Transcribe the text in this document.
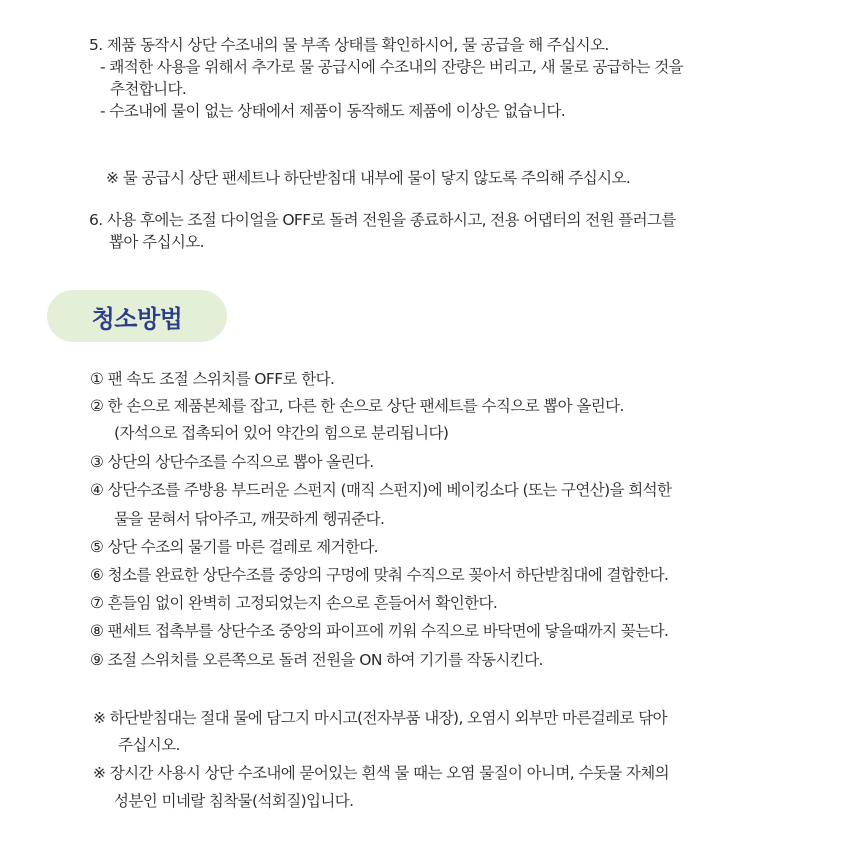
5. 제품 동작시 상단 수조내의 물 부족 상태를 확인하시어, 물 공급을 해 주십시오.
- 쾌적한 사용을 위해서 추가로 물 공급시에 수조내의 잔량은 버리고, 새 물로 공급하는 것을
추천합니다.
- 수조내에 물이 없는 상태에서 제품이 동작해도 제품에 이상은 없습니다.
※ 물 공급시 상단 팬세트나 하단받침대 내부에 물이 닿지 않도록 주의해 주십시오.
6. 사용 후에는 조절 다이얼을 OFF로 돌려 전원을 종료하시고, 전용 어댑터의 전원 플러그를
뽑아 주십시오.
청소방법
① 팬 속도 조절 스위치를 OFF로 한다.
② 한 손으로 제품본체를 잡고, 다른 한 손으로 상단 팬세트를 수직으로 뽑아 올린다.
(자석으로 접촉되어 있어 약간의 힘으로 분리됩니다)
③ 상단의 상단수조를 수직으로 뽑아 올린다.
④ 상단수조를 주방용 부드러운 스펀지 (매직 스펀지)에 베이킹소다 (또는 구연산)을 희석한
물을 묻혀서 닦아주고, 깨끗하게 헹궈준다.
⑤ 상단 수조의 물기를 마른 걸레로 제거한다.
⑥ 청소를 완료한 상단수조를 중앙의 구멍에 맞춰 수직으로 꽂아서 하단받침대에 결합한다.
⑦ 흔들임 없이 완벽히 고정되었는지 손으로 흔들어서 확인한다.
⑧ 팬세트 접촉부를 상단수조 중앙의 파이프에 끼워 수직으로 바닥면에 닿을때까지 꽂는다.
⑨ 조절 스위치를 오른쪽으로 돌려 전원을 ON 하여 기기를 작동시킨다.
※ 하단받침대는 절대 물에 담그지 마시고(전자부품 내장), 오염시 외부만 마른걸레로 닦아
주십시오.
※ 장시간 사용시 상단 수조내에 묻어있는 흰색 물 때는 오염 물질이 아니며, 수돗물 자체의
성분인 미네랄 침착물(석회질)입니다.
